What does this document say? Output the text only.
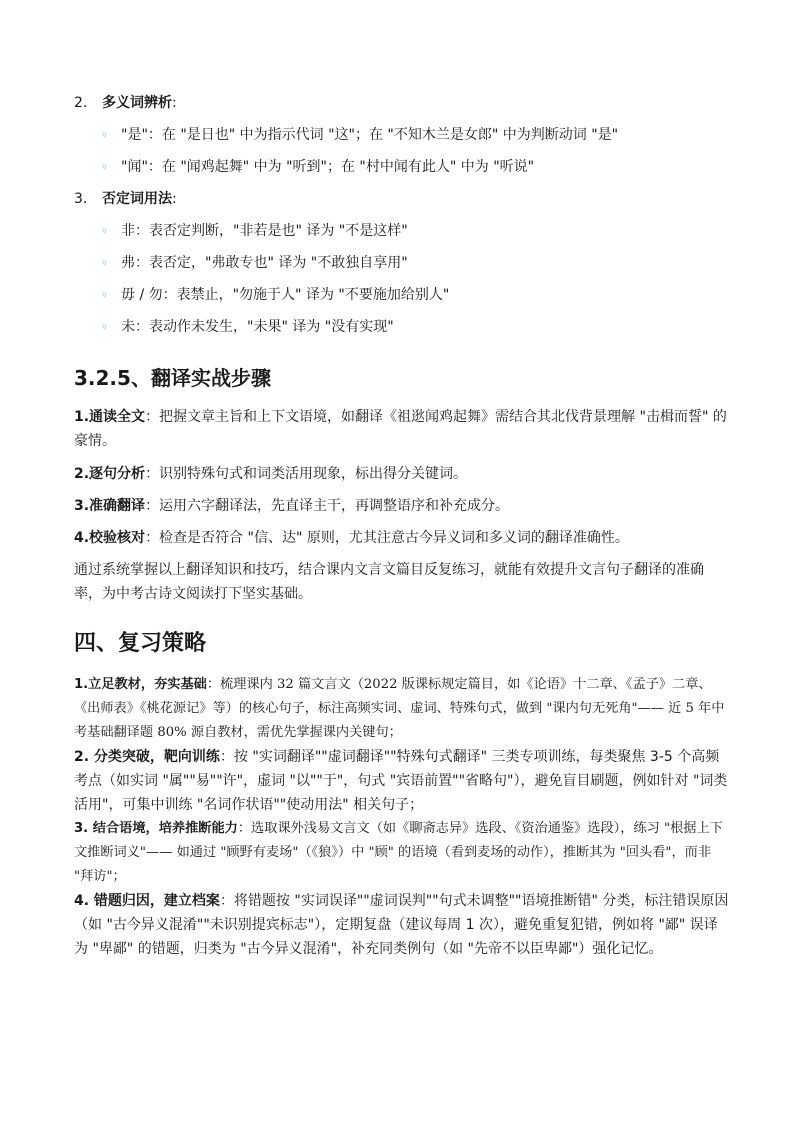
2. 多义词辨析:
◦ "是"：在 "是日也" 中为指示代词 "这"；在 "不知木兰是女郎" 中为判断动词 "是"
◦ "闻"：在 "闻鸡起舞" 中为 "听到"；在 "村中闻有此人" 中为 "听说"
3. 否定词用法:
◦ 非：表否定判断，"非若是也" 译为 "不是这样"
◦ 弗：表否定，"弗敢专也" 译为 "不敢独自享用"
◦ 毋 / 勿：表禁止，"勿施于人" 译为 "不要施加给别人"
◦ 未：表动作未发生，"未果" 译为 "没有实现"
3.2.5、翻译实战步骤
1.通读全文：把握文章主旨和上下文语境，如翻译《祖逖闻鸡起舞》需结合其北伐背景理解 "击楫而誓" 的豪情。
2.逐句分析：识别特殊句式和词类活用现象，标出得分关键词。
3.准确翻译：运用六字翻译法，先直译主干，再调整语序和补充成分。
4.校验核对：检查是否符合 "信、达" 原则，尤其注意古今异义词和多义词的翻译准确性。
通过系统掌握以上翻译知识和技巧，结合课内文言文篇目反复练习，就能有效提升文言句子翻译的准确率，为中考古诗文阅读打下坚实基础。
四、复习策略
1.立足教材，夯实基础：梳理课内 32 篇文言文（2022 版课标规定篇目，如《论语》十二章、《孟子》二章、《出师表》《桃花源记》等）的核心句子，标注高频实词、虚词、特殊句式，做到 "课内句无死角"—— 近 5 年中考基础翻译题 80% 源自教材，需优先掌握课内关键句；
2. 分类突破，靶向训练：按 "实词翻译""虚词翻译""特殊句式翻译" 三类专项训练，每类聚焦 3-5 个高频考点（如实词 "属""易""许"，虚词 "以""于"，句式 "宾语前置""省略句"），避免盲目刷题，例如针对 "词类活用"，可集中训练 "名词作状语""使动用法" 相关句子；
3. 结合语境，培养推断能力：选取课外浅易文言文（如《聊斋志异》选段、《资治通鉴》选段），练习 "根据上下文推断词义"—— 如通过 "顾野有麦场"（《狼》）中 "顾" 的语境（看到麦场的动作），推断其为 "回头看"，而非 "拜访"；
4. 错题归因，建立档案：将错题按 "实词误译""虚词误判""句式未调整""语境推断错" 分类，标注错误原因（如 "古今异义混淆""未识别提宾标志"），定期复盘（建议每周 1 次），避免重复犯错，例如将 "鄙" 误译为 "卑鄙" 的错题，归类为 "古今异义混淆"，补充同类例句（如 "先帝不以臣卑鄙"）强化记忆。
